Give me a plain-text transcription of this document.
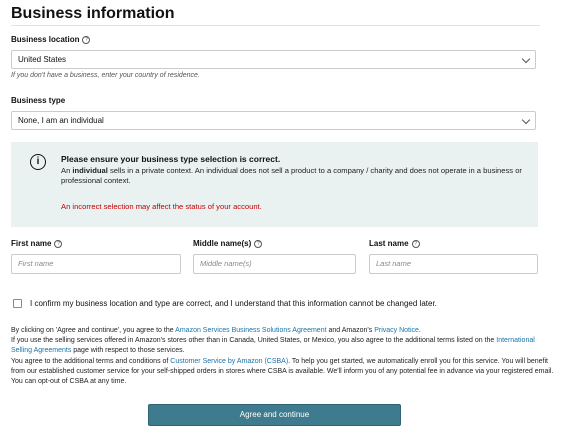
Business information
Business location	?
United States
If you don't have a business, enter your country of residence.
Business type
None, I am an individual
i	Please ensure your business type selection is correct.
An individual sells in a private context. An individual does not sell a product to a company / charity and does not operate in a business or professional context.
An incorrect selection may affect the status of your account.
First name	?
First name
Middle name(s)	?
Middle name(s)
Last name	?
Last name
I confirm my business location and type are correct, and I understand that this information cannot be changed later.
By clicking on 'Agree and continue', you agree to the Amazon Services Business Solutions Agreement and Amazon's Privacy Notice.
If you use the selling services offered in Amazon's stores other than in Canada, United States, or Mexico, you also agree to the additional terms listed on the International Selling Agreements page with respect to those services.
You agree to the additional terms and conditions of Customer Service by Amazon (CSBA). To help you get started, we automatically enroll you for this service. You will benefit from our established customer service for your self-shipped orders in stores where CSBA is available. We'll inform you of any potential fee in advance via your registered email. You can opt-out of CSBA at any time.
Agree and continue
